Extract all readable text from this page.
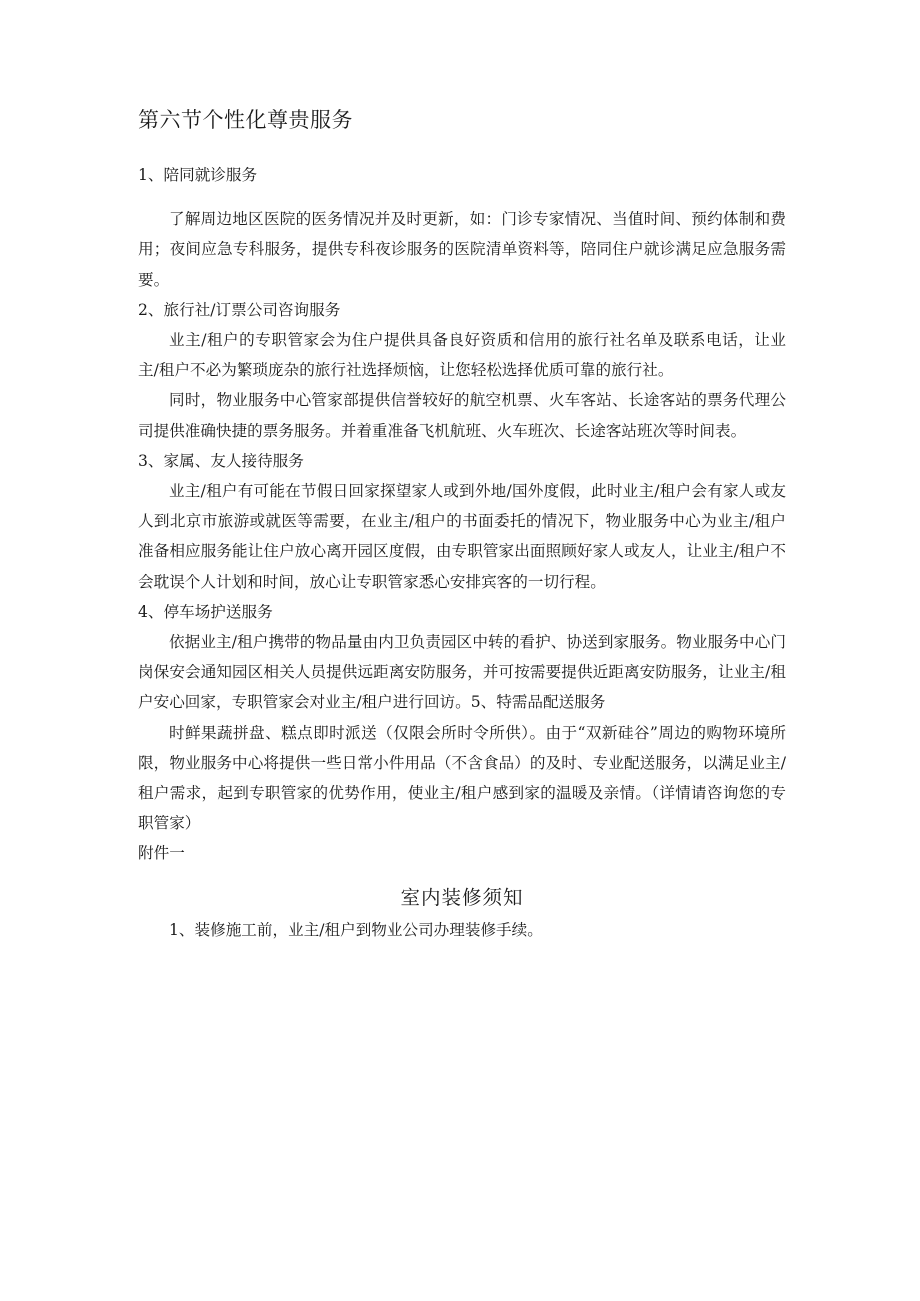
第六节个性化尊贵服务

1、陪同就诊服务

了解周边地区医院的医务情况并及时更新，如：门诊专家情况、当值时间、预约体制和费用；夜间应急专科服务，提供专科夜诊服务的医院清单资料等，陪同住户就诊满足应急服务需要。

2、旅行社/订票公司咨询服务

业主/租户的专职管家会为住户提供具备良好资质和信用的旅行社名单及联系电话，让业主/租户不必为繁琐庞杂的旅行社选择烦恼，让您轻松选择优质可靠的旅行社。

同时，物业服务中心管家部提供信誉较好的航空机票、火车客站、长途客站的票务代理公司提供准确快捷的票务服务。并着重准备飞机航班、火车班次、长途客站班次等时间表。

3、家属、友人接待服务

业主/租户有可能在节假日回家探望家人或到外地/国外度假，此时业主/租户会有家人或友人到北京市旅游或就医等需要，在业主/租户的书面委托的情况下，物业服务中心为业主/租户准备相应服务能让住户放心离开园区度假，由专职管家出面照顾好家人或友人，让业主/租户不会耽误个人计划和时间，放心让专职管家悉心安排宾客的一切行程。

4、停车场护送服务

依据业主/租户携带的物品量由内卫负责园区中转的看护、协送到家服务。物业服务中心门岗保安会通知园区相关人员提供远距离安防服务，并可按需要提供近距离安防服务，让业主/租户安心回家，专职管家会对业主/租户进行回访。5、特需品配送服务

时鲜果蔬拼盘、糕点即时派送（仅限会所时令所供）。由于“双新硅谷”周边的购物环境所限，物业服务中心将提供一些日常小件用品（不含食品）的及时、专业配送服务，以满足业主/租户需求，起到专职管家的优势作用，使业主/租户感到家的温暖及亲情。（详情请咨询您的专职管家）

附件一

室内装修须知

1、装修施工前，业主/租户到物业公司办理装修手续。
